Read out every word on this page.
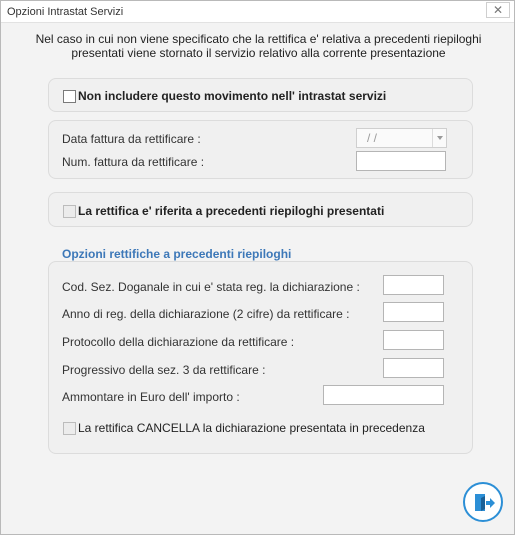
Opzioni Intrastat Servizi	✕
Nel caso in cui non viene specificato che la rettifica e' relativa a precedenti riepiloghi presentati viene stornato il servizio relativo alla corrente presentazione
Non includere questo movimento nell' intrastat servizi
Data fattura da rettificare :	/ /
Num. fattura da rettificare :
La rettifica e' riferita a precedenti riepiloghi presentati
Opzioni rettifiche a precedenti riepiloghi
Cod. Sez. Doganale in cui e' stata reg. la dichiarazione :
Anno di reg. della dichiarazione (2 cifre) da rettificare :
Protocollo della dichiarazione da rettificare :
Progressivo della sez. 3 da rettificare :
Ammontare in Euro dell' importo :
La rettifica CANCELLA la dichiarazione presentata in precedenza
